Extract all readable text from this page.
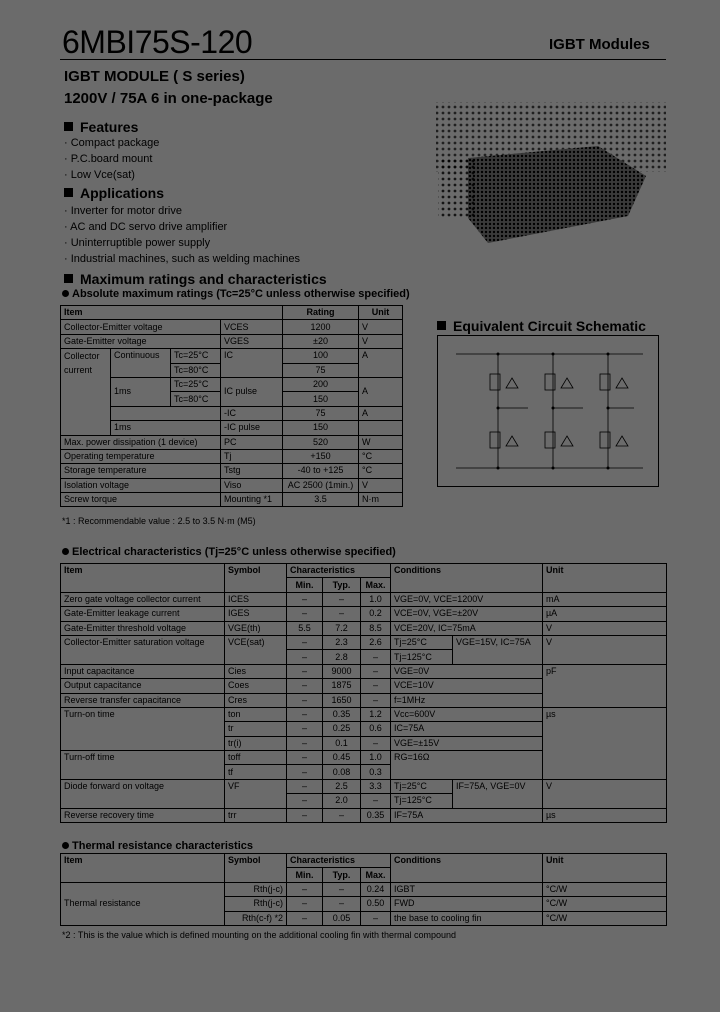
6MBI75S-120	IGBT Modules
IGBT MODULE ( S series)
1200V / 75A 6 in one-package
Features
· Compact package
· P.C.board mount
· Low Vce(sat)
Applications
· Inverter for motor drive
· AC and DC servo drive amplifier
· Uninterruptible power supply
· Industrial machines, such as welding machines
Maximum ratings and characteristics
Absolute maximum ratings (Tc=25°C unless otherwise specified)
Item				Rating	Unit
Collector-Emitter voltage			VCES	1200	V
Gate-Emitter voltage			VGES	±20	V
Collector
current	Continuous	Tc=25°C	IC	100	A
		Tc=80°C		75	
	1ms	Tc=25°C	IC pulse	200	A
		Tc=80°C		150	
			-IC	75	A
	1ms		-IC pulse	150	
Max. power dissipation (1 device)			PC	520	W
Operating temperature			Tj	+150	°C
Storage temperature			Tstg	-40 to +125	°C
Isolation voltage			Viso	AC 2500 (1min.)	V
Screw torque			Mounting *1	3.5	N·m
*1 : Recommendable value : 2.5 to 3.5 N·m (M5)
Equivalent Circuit Schematic
Electrical characteristics (Tj=25°C unless otherwise specified)
Item	Symbol	Characteristics			Conditions		Unit
		Min.	Typ.	Max.			
Zero gate voltage collector current	ICES	–	–	1.0	VGE=0V, VCE=1200V		mA
Gate-Emitter leakage current	IGES	–	–	0.2	VCE=0V, VGE=±20V		µA
Gate-Emitter threshold voltage	VGE(th)	5.5	7.2	8.5	VCE=20V, IC=75mA		V
Collector-Emitter saturation voltage	VCE(sat)	–	2.3	2.6	Tj=25°C	VGE=15V, IC=75A	V
		–	2.8	–	Tj=125°C		
Input capacitance	Cies	–	9000	–	VGE=0V		pF
Output capacitance	Coes	–	1875	–	VCE=10V		
Reverse transfer capacitance	Cres	–	1650	–	f=1MHz		
Turn-on time	ton	–	0.35	1.2	Vcc=600V		µs
	tr	–	0.25	0.6	IC=75A		
	tr(i)	–	0.1	–	VGE=±15V		
Turn-off time	toff	–	0.45	1.0	RG=16Ω		
	tf	–	0.08	0.3			
Diode forward on voltage	VF	–	2.5	3.3	Tj=25°C	IF=75A, VGE=0V	V
		–	2.0	–	Tj=125°C		
Reverse recovery time	trr	–	–	0.35	IF=75A		µs
Thermal resistance characteristics
Item	Symbol	Characteristics			Conditions	Unit
		Min.	Typ.	Max.		
Thermal resistance	Rth(j-c)	–	–	0.24	IGBT	°C/W
	Rth(j-c)	–	–	0.50	FWD	°C/W
	Rth(c-f) *2	–	0.05	–	the base to cooling fin	°C/W
*2 : This is the value which is defined mounting on the additional cooling fin with thermal compound
